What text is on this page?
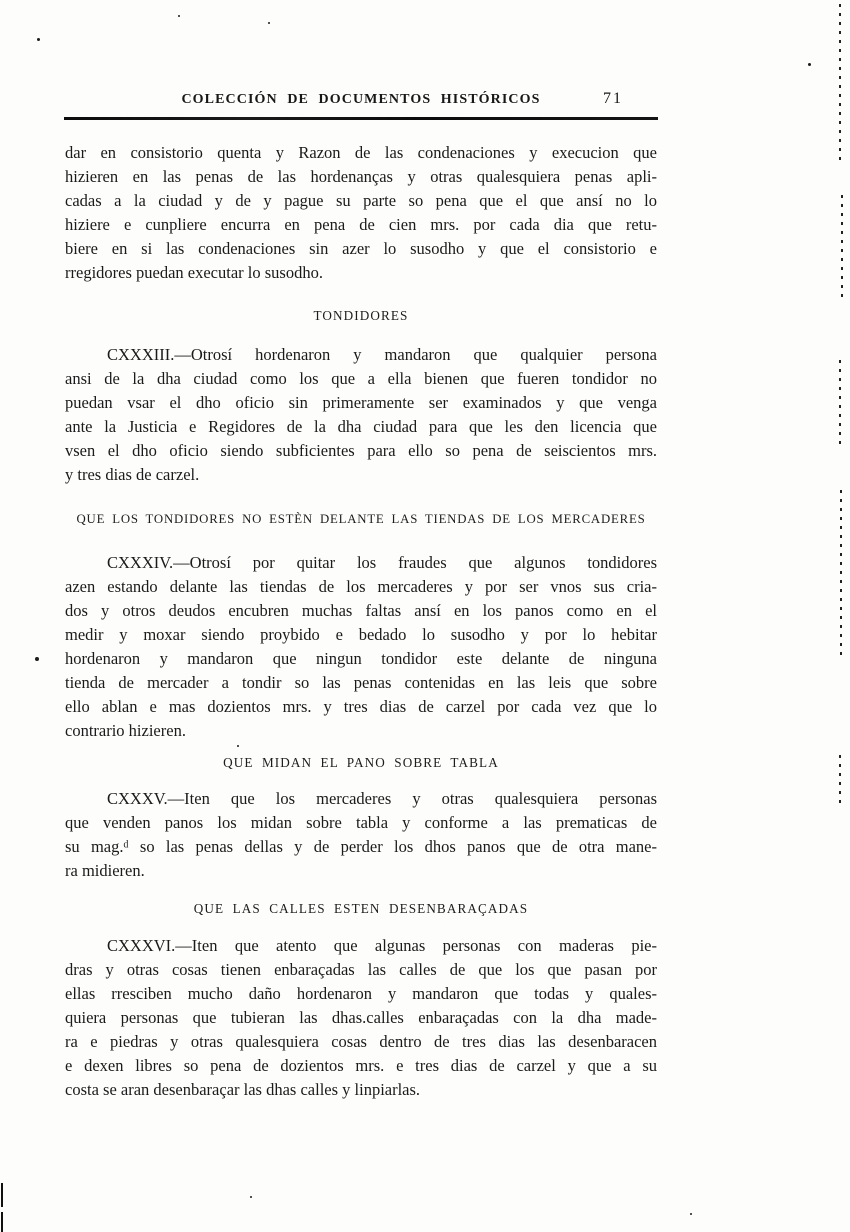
COLECCIÓN DE DOCUMENTOS HISTÓRICOS	71
dar en consistorio quenta y Razon de las condenaciones y execucion que
hizieren en las penas de las hordenanças y otras qualesquiera penas apli-
cadas a la ciudad y de y pague su parte so pena que el que ansí no lo
hiziere e cunpliere encurra en pena de cien mrs. por cada dia que retu-
biere en si las condenaciones sin azer lo susodho y que el consistorio e
rregidores puedan executar lo susodho.
TONDIDORES
CXXXIII.—Otrosí hordenaron y mandaron que qualquier persona
ansi de la dha ciudad como los que a ella bienen que fueren tondidor no
puedan vsar el dho oficio sin primeramente ser examinados y que venga
ante la Justicia e Regidores de la dha ciudad para que les den licencia que
vsen el dho oficio siendo subficientes para ello so pena de seiscientos mrs.
y tres dias de carzel.
QUE LOS TONDIDORES NO ESTÈN DELANTE LAS TIENDAS DE LOS MERCADERES
CXXXIV.—Otrosí por quitar los fraudes que algunos tondidores
azen estando delante las tiendas de los mercaderes y por ser vnos sus cria-
dos y otros deudos encubren muchas faltas ansí en los panos como en el
medir y moxar siendo proybido e bedado lo susodho y por lo hebitar
hordenaron y mandaron que ningun tondidor este delante de ninguna
tienda de mercader a tondir so las penas contenidas en las leis que sobre
ello ablan e mas dozientos mrs. y tres dias de carzel por cada vez que lo
contrario hizieren.
QUE MIDAN EL PANO SOBRE TABLA
CXXXV.—Iten que los mercaderes y otras qualesquiera personas
que venden panos los midan sobre tabla y conforme a las prematicas de
su mag.ᵈ so las penas dellas y de perder los dhos panos que de otra mane-
ra midieren.
QUE LAS CALLES ESTEN DESENBARAÇADAS
CXXXVI.—Iten que atento que algunas personas con maderas pie-
dras y otras cosas tienen enbaraçadas las calles de que los que pasan por
ellas rresciben mucho daño hordenaron y mandaron que todas y quales-
quiera personas que tubieran las dhas.calles enbaraçadas con la dha made-
ra e piedras y otras qualesquiera cosas dentro de tres dias las desenbaracen
e dexen libres so pena de dozientos mrs. e tres dias de carzel y que a su
costa se aran desenbaraçar las dhas calles y linpiarlas.
